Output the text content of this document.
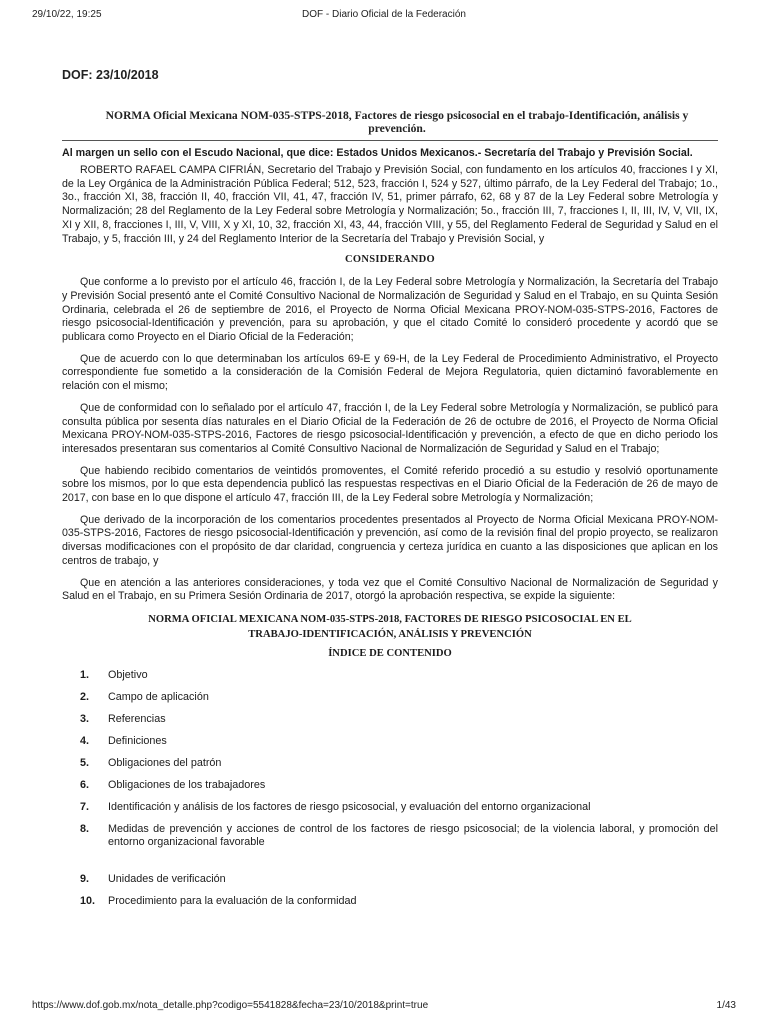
29/10/22, 19:25	DOF - Diario Oficial de la Federación
DOF: 23/10/2018
NORMA Oficial Mexicana NOM-035-STPS-2018, Factores de riesgo psicosocial en el trabajo-Identificación, análisis y prevención.
Al margen un sello con el Escudo Nacional, que dice: Estados Unidos Mexicanos.- Secretaría del Trabajo y Previsión Social.

ROBERTO RAFAEL CAMPA CIFRIÁN, Secretario del Trabajo y Previsión Social, con fundamento en los artículos 40, fracciones I y XI, de la Ley Orgánica de la Administración Pública Federal; 512, 523, fracción I, 524 y 527, último párrafo, de la Ley Federal del Trabajo; 1o., 3o., fracción XI, 38, fracción II, 40, fracción VII, 41, 47, fracción IV, 51, primer párrafo, 62, 68 y 87 de la Ley Federal sobre Metrología y Normalización; 28 del Reglamento de la Ley Federal sobre Metrología y Normalización; 5o., fracción III, 7, fracciones I, II, III, IV, V, VII, IX, XI y XII, 8, fracciones I, III, V, VIII, X y XI, 10, 32, fracción XI, 43, 44, fracción VIII, y 55, del Reglamento Federal de Seguridad y Salud en el Trabajo, y 5, fracción III, y 24 del Reglamento Interior de la Secretaría del Trabajo y Previsión Social, y

CONSIDERANDO

Que conforme a lo previsto por el artículo 46, fracción I, de la Ley Federal sobre Metrología y Normalización, la Secretaría del Trabajo y Previsión Social presentó ante el Comité Consultivo Nacional de Normalización de Seguridad y Salud en el Trabajo, en su Quinta Sesión Ordinaria, celebrada el 26 de septiembre de 2016, el Proyecto de Norma Oficial Mexicana PROY-NOM-035-STPS-2016, Factores de riesgo psicosocial-Identificación y prevención, para su aprobación, y que el citado Comité lo consideró procedente y acordó que se publicara como Proyecto en el Diario Oficial de la Federación;

Que de acuerdo con lo que determinaban los artículos 69-E y 69-H, de la Ley Federal de Procedimiento Administrativo, el Proyecto correspondiente fue sometido a la consideración de la Comisión Federal de Mejora Regulatoria, quien dictaminó favorablemente en relación con el mismo;

Que de conformidad con lo señalado por el artículo 47, fracción I, de la Ley Federal sobre Metrología y Normalización, se publicó para consulta pública por sesenta días naturales en el Diario Oficial de la Federación de 26 de octubre de 2016, el Proyecto de Norma Oficial Mexicana PROY-NOM-035-STPS-2016, Factores de riesgo psicosocial-Identificación y prevención, a efecto de que en dicho periodo los interesados presentaran sus comentarios al Comité Consultivo Nacional de Normalización de Seguridad y Salud en el Trabajo;

Que habiendo recibido comentarios de veintidós promoventes, el Comité referido procedió a su estudio y resolvió oportunamente sobre los mismos, por lo que esta dependencia publicó las respuestas respectivas en el Diario Oficial de la Federación de 26 de mayo de 2017, con base en lo que dispone el artículo 47, fracción III, de la Ley Federal sobre Metrología y Normalización;

Que derivado de la incorporación de los comentarios procedentes presentados al Proyecto de Norma Oficial Mexicana PROY-NOM-035-STPS-2016, Factores de riesgo psicosocial-Identificación y prevención, así como de la revisión final del propio proyecto, se realizaron diversas modificaciones con el propósito de dar claridad, congruencia y certeza jurídica en cuanto a las disposiciones que aplican en los centros de trabajo, y

Que en atención a las anteriores consideraciones, y toda vez que el Comité Consultivo Nacional de Normalización de Seguridad y Salud en el Trabajo, en su Primera Sesión Ordinaria de 2017, otorgó la aprobación respectiva, se expide la siguiente:

NORMA OFICIAL MEXICANA NOM-035-STPS-2018, FACTORES DE RIESGO PSICOSOCIAL EN EL
TRABAJO-IDENTIFICACIÓN, ANÁLISIS Y PREVENCIÓN
ÍNDICE DE CONTENIDO
1. Objetivo
2. Campo de aplicación
3. Referencias
4. Definiciones
5. Obligaciones del patrón
6. Obligaciones de los trabajadores
7. Identificación y análisis de los factores de riesgo psicosocial, y evaluación del entorno organizacional
8. Medidas de prevención y acciones de control de los factores de riesgo psicosocial; de la violencia laboral, y promoción del entorno organizacional favorable
9. Unidades de verificación
10. Procedimiento para la evaluación de la conformidad
https://www.dof.gob.mx/nota_detalle.php?codigo=5541828&fecha=23/10/2018&print=true	1/43
